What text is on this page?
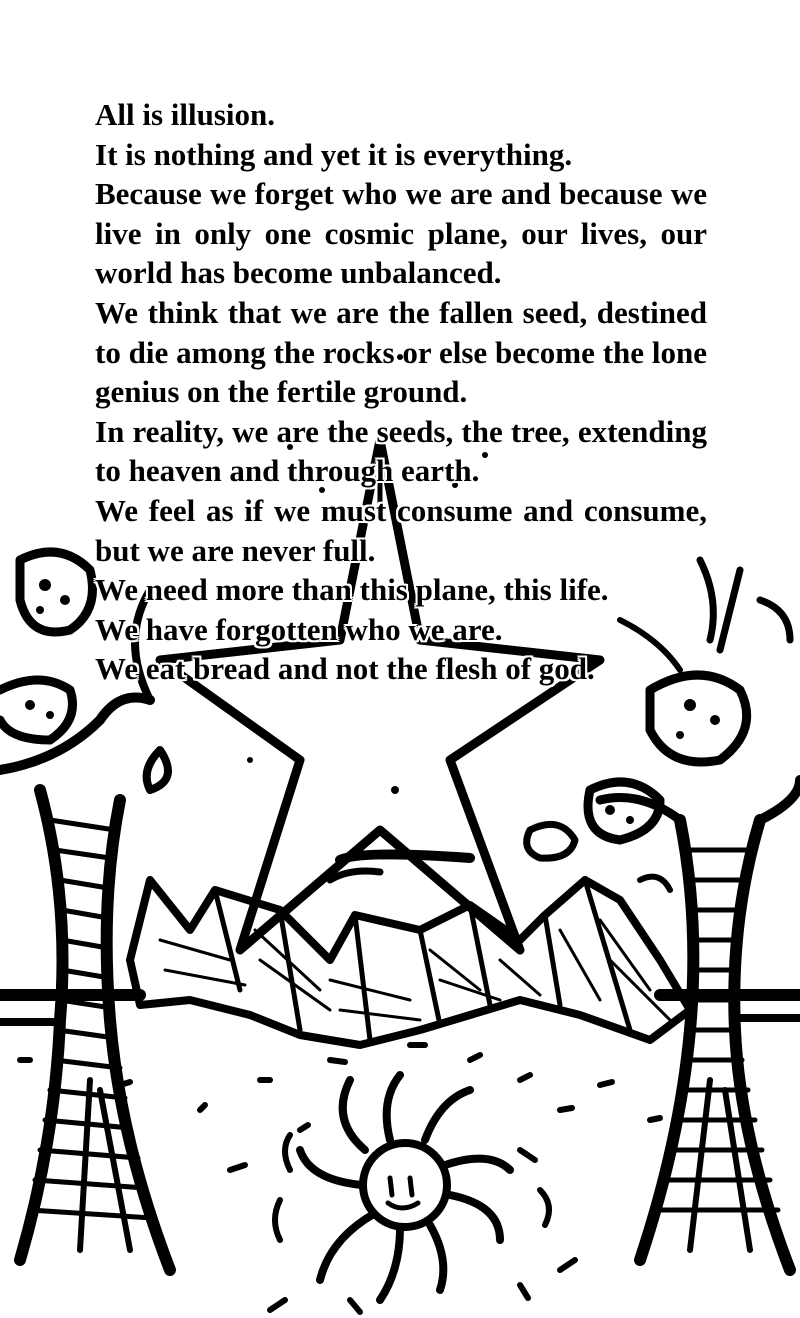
All is illusion.

It is nothing and yet it is everything.

Because we forget who we are and because we live in only one cosmic plane, our lives, our world has become unbalanced.

We think that we are the fallen seed, destined to die among the rocks or else become the lone genius on the fertile ground.

In reality, we are the seeds, the tree, extending to heaven and through earth.

We feel as if we must consume and consume, but we are never full.

We need more than this plane, this life.

We have forgotten who we are.

We eat bread and not the flesh of god.
